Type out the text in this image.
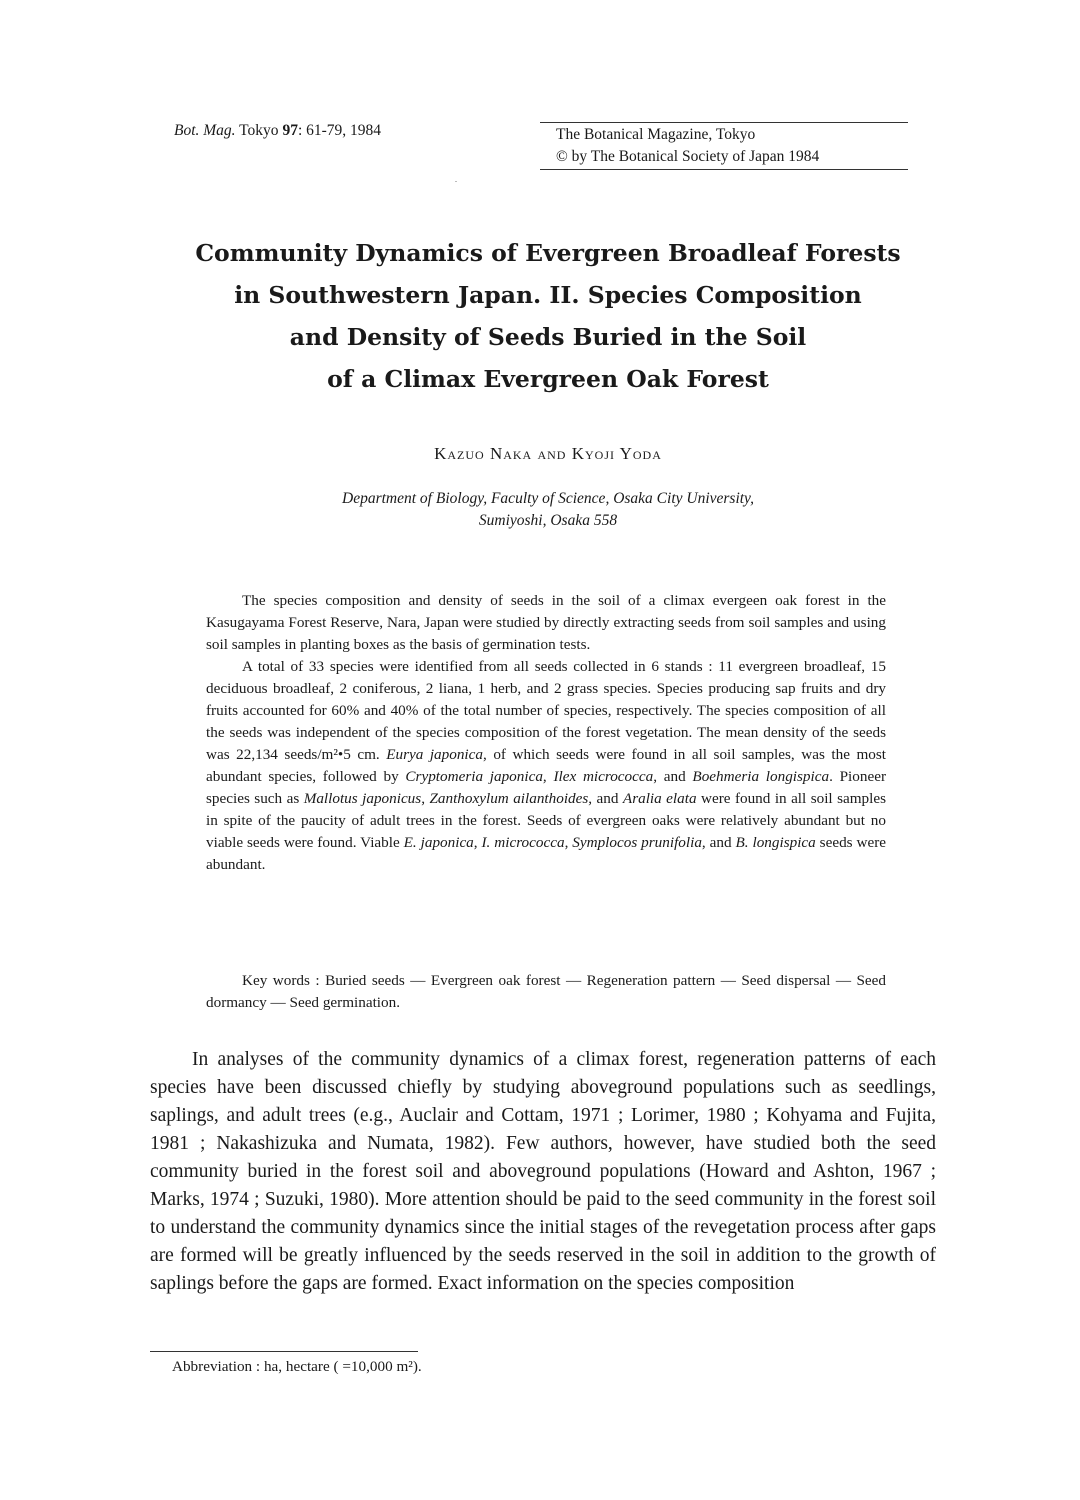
Bot. Mag. Tokyo 97: 61-79, 1984	The Botanical Magazine, Tokyo
© by The Botanical Society of Japan 1984
Community Dynamics of Evergreen Broadleaf Forests
in Southwestern Japan. II. Species Composition
and Density of Seeds Buried in the Soil
of a Climax Evergreen Oak Forest
Kazuo Naka and Kyoji Yoda
Department of Biology, Faculty of Science, Osaka City University,
Sumiyoshi, Osaka 558

The species composition and density of seeds in the soil of a climax evergeen oak forest in the Kasugayama Forest Reserve, Nara, Japan were studied by directly extracting seeds from soil samples and using soil samples in planting boxes as the basis of germination tests.

A total of 33 species were identified from all seeds collected in 6 stands : 11 evergreen broadleaf, 15 deciduous broadleaf, 2 coniferous, 2 liana, 1 herb, and 2 grass species. Species producing sap fruits and dry fruits accounted for 60% and 40% of the total number of species, respectively. The species composition of all the seeds was independent of the species composition of the forest vegetation. The mean density of the seeds was 22,134 seeds/m²•5 cm. Eurya japonica, of which seeds were found in all soil samples, was the most abundant species, followed by Cryptomeria japonica, Ilex micrococca, and Boehmeria longispica. Pioneer species such as Mallotus japonicus, Zanthoxylum ailanthoides, and Aralia elata were found in all soil samples in spite of the paucity of adult trees in the forest. Seeds of evergreen oaks were relatively abundant but no viable seeds were found. Viable E. japonica, I. micrococca, Symplocos prunifolia, and B. longispica seeds were abundant.

Key words : Buried seeds — Evergreen oak forest — Regeneration pattern — Seed dispersal — Seed dormancy — Seed germination.

In analyses of the community dynamics of a climax forest, regeneration patterns of each species have been discussed chiefly by studying aboveground populations such as seedlings, saplings, and adult trees (e.g., Auclair and Cottam, 1971 ; Lorimer, 1980 ; Kohyama and Fujita, 1981 ; Nakashizuka and Numata, 1982). Few authors, however, have studied both the seed community buried in the forest soil and aboveground populations (Howard and Ashton, 1967 ; Marks, 1974 ; Suzuki, 1980). More attention should be paid to the seed community in the forest soil to understand the community dynamics since the initial stages of the revegetation process after gaps are formed will be greatly influenced by the seeds reserved in the soil in addition to the growth of saplings before the gaps are formed. Exact information on the species composition

Abbreviation : ha, hectare ( =10,000 m²).
